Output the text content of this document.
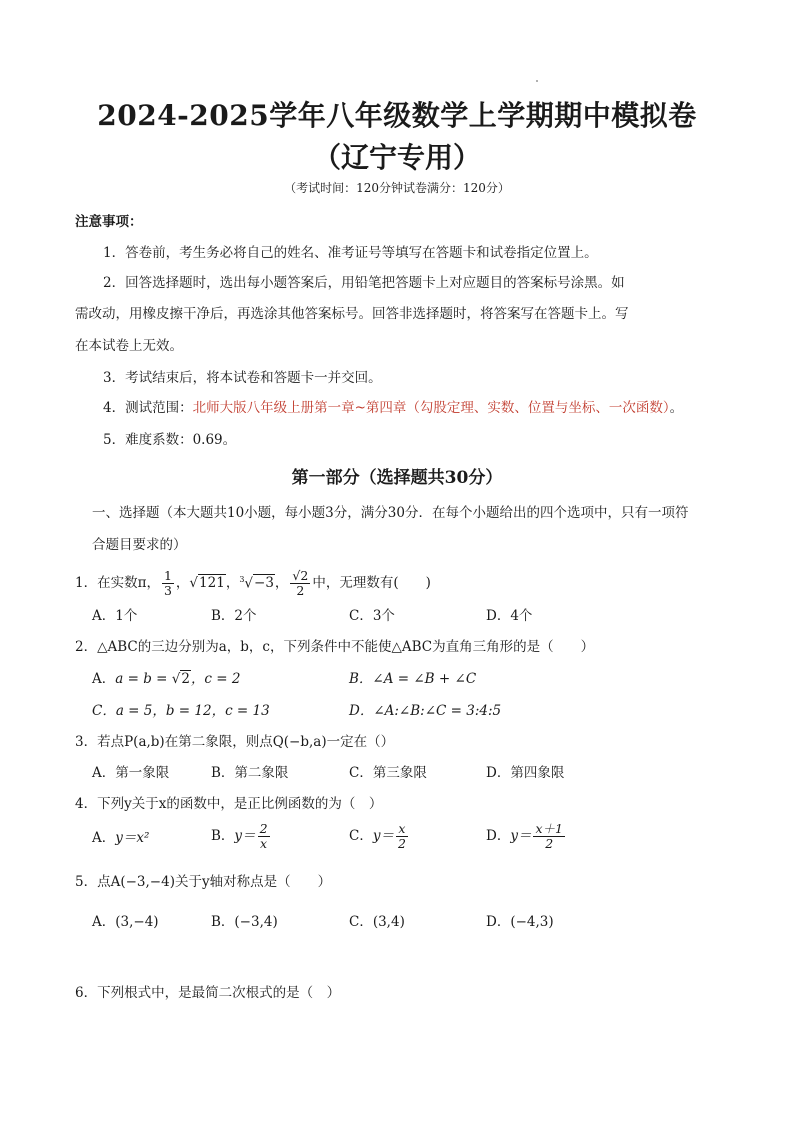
2024-2025学年八年级数学上学期期中模拟卷
（辽宁专用）
（考试时间：120分钟试卷满分：120分）
注意事项：
1．答卷前，考生务必将自己的姓名、准考证号等填写在答题卡和试卷指定位置上。
2．回答选择题时，选出每小题答案后，用铅笔把答题卡上对应题目的答案标号涂黑。如
需改动，用橡皮擦干净后，再选涂其他答案标号。回答非选择题时，将答案写在答题卡上。写
在本试卷上无效。
3．考试结束后，将本试卷和答题卡一并交回。
4．测试范围：北师大版八年级上册第一章~第四章（勾股定理、实数、位置与坐标、一次函数）。
5．难度系数：0.69。
第一部分（选择题共30分）
一、选择题（本大题共10小题，每小题3分，满分30分．在每个小题给出的四个选项中，只有一项符
合题目要求的）
1．在实数π， $\frac{1}{3}$ ，√121，$^3$√−3， $\frac{√2}{2}$ 中，无理数有(　　)
A．1个	B．2个	C．3个	D．4个
2．△ABC的三边分别为a，b，c，下列条件中不能使△ABC为直角三角形的是（　　）
A．a = b = √2，c = 2	B．∠A = ∠B + ∠C
C．a = 5，b = 12，c = 13	D．∠A:∠B:∠C = 3:4:5
3．若点P(a,b)在第二象限，则点Q(−b,a)一定在（）
A．第一象限	B．第二象限	C．第三象限	D．第四象限
4．下列y关于x的函数中，是正比例函数的为（　）
A．y＝x²	B．$y= \frac{2}{x}$	C．$y= \frac{x}{2}$	D．$y= \frac{x+1}{2}$
5．点A(−3,−4)关于y轴对称点是（　　）
A．(3,−4)	B．(−3,4)	C．(3,4)	D．(−4,3)
6．下列根式中，是最简二次根式的是（　）
